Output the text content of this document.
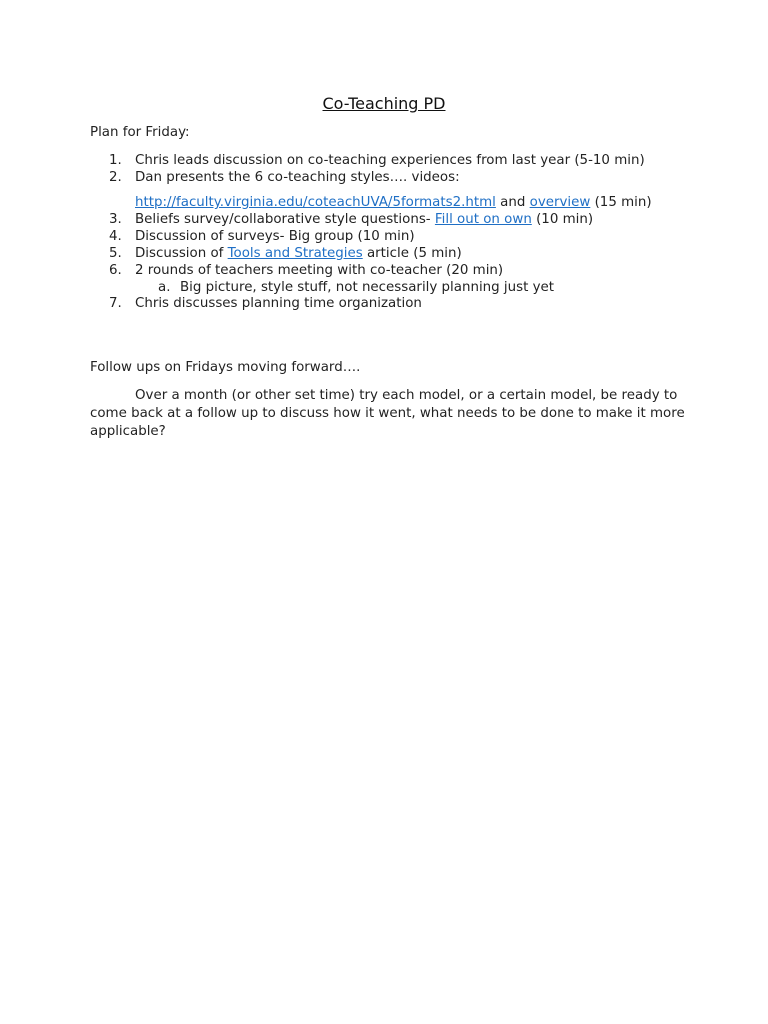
Co-Teaching PD
Plan for Friday:
1. Chris leads discussion on co-teaching experiences from last year (5-10 min)
2. Dan presents the 6 co-teaching styles…. videos:
http://faculty.virginia.edu/coteachUVA/5formats2.html and overview (15 min)
3. Beliefs survey/collaborative style questions- Fill out on own (10 min)
4. Discussion of surveys- Big group (10 min)
5. Discussion of Tools and Strategies article (5 min)
6. 2 rounds of teachers meeting with co-teacher (20 min)
a. Big picture, style stuff, not necessarily planning just yet
7. Chris discusses planning time organization
Follow ups on Fridays moving forward….
Over a month (or other set time) try each model, or a certain model, be ready to come back at a follow up to discuss how it went, what needs to be done to make it more applicable?
